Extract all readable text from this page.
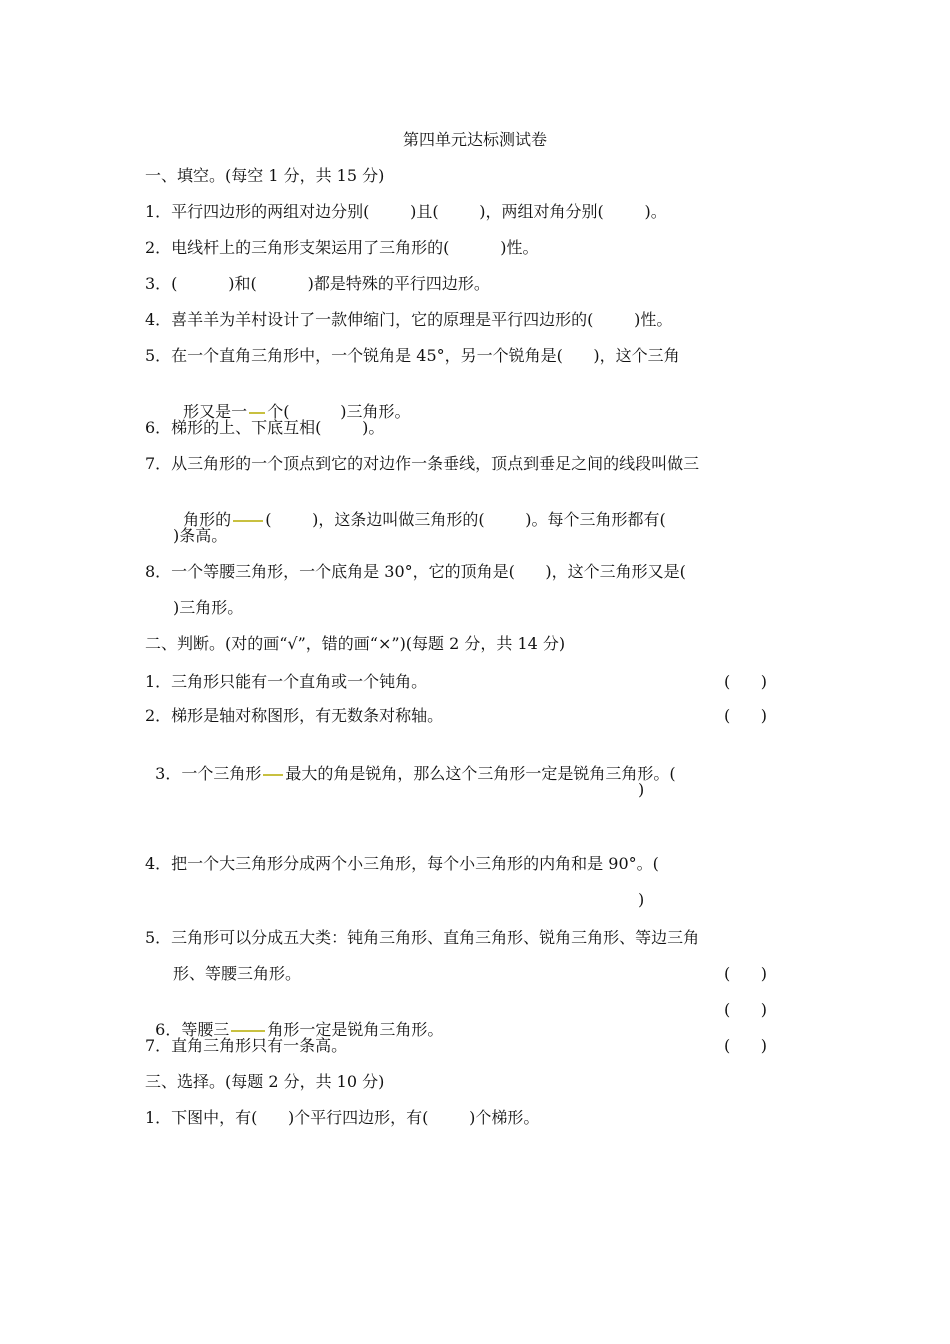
第四单元达标测试卷
一、填空。(每空 1 分，共 15 分)
1．平行四边形的两组对边分别(        )且(        )，两组对角分别(        )。
2．电线杆上的三角形支架运用了三角形的(          )性。
3．(          )和(          )都是特殊的平行四边形。
4．喜羊羊为羊村设计了一款伸缩门，它的原理是平行四边形的(        )性。
5．在一个直角三角形中，一个锐角是 45°，另一个锐角是(      )，这个三角

形又是一 个(          )三角形。

6．梯形的上、下底互相(        )。
7．从三角形的一个顶点到它的对边作一条垂线，顶点到垂足之间的线段叫做三

角形的 (        )，这条边叫做三角形的(        )。每个三角形都有(

)条高。
8．一个等腰三角形，一个底角是 30°，它的顶角是(      )，这个三角形又是(
)三角形。
二、判断。(对的画“√”，错的画“×”)(每题 2 分，共 14 分)
1．三角形只能有一个直角或一个钝角。	(      )
2．梯形是轴对称图形，有无数条对称轴。	(      )

3．一个三角形 最大的角是锐角，那么这个三角形一定是锐角三角形。(

)
4．把一个大三角形分成两个小三角形，每个小三角形的内角和是 90°。(
)
5．三角形可以分成五大类：钝角三角形、直角三角形、锐角三角形、等边三角
形、等腰三角形。	(      )

6．等腰三 角形一定是锐角三角形。

(      )
7．直角三角形只有一条高。	(      )
三、选择。(每题 2 分，共 10 分)
1．下图中，有(      )个平行四边形，有(        )个梯形。
